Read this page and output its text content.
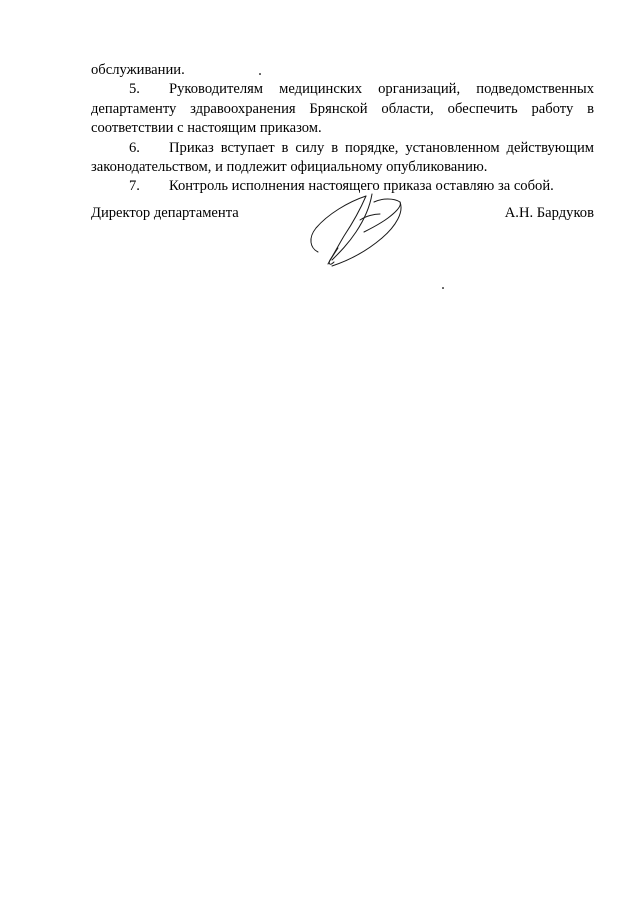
обслуживании.
5. Руководителям медицинских организаций, подведомственных
департаменту здравоохранения Брянской области, обеспечить работу в
соответствии с настоящим приказом.
6. Приказ вступает в силу в порядке, установленном действующим
законодательством, и подлежит официальному опубликованию.
7. Контроль исполнения настоящего приказа оставляю за собой.
Директор департамента	А.Н. Бардуков
